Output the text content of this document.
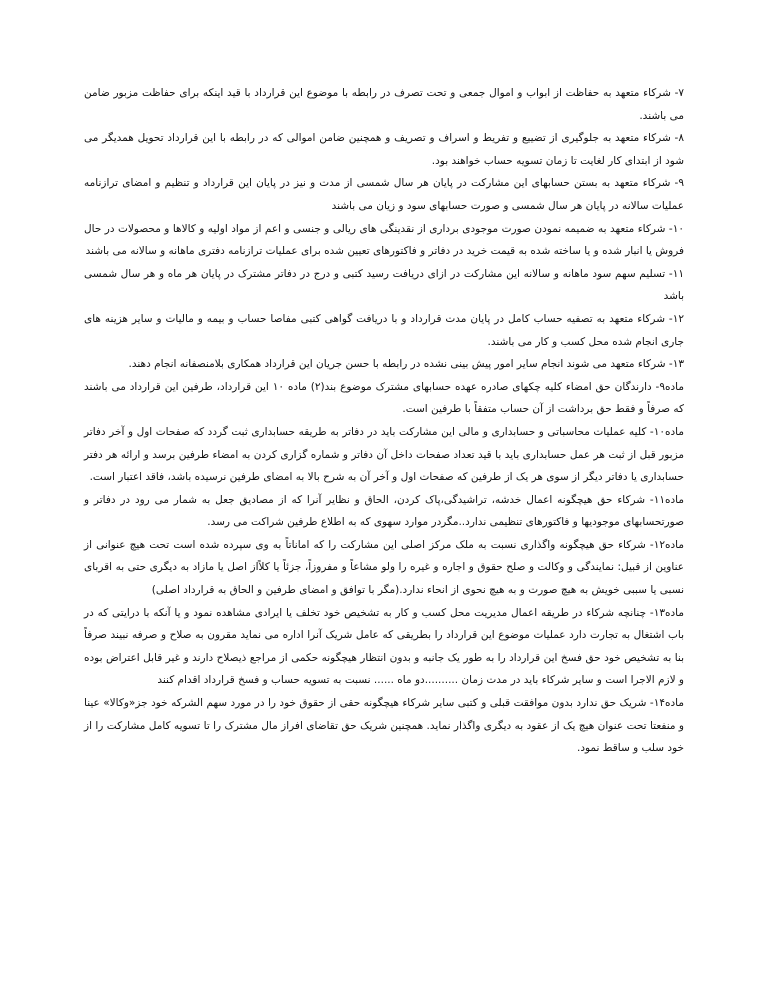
۷- شرکاء متعهد به حفاظت از ابواب و اموال جمعی و تحت تصرف در رابطه با موضوع این قرارداد با قید اینکه برای حفاظت مزبور ضامن می باشند.

۸- شرکاء متعهد به جلوگیری از تضییع و تفریط و اسراف و تصریف و همچنین ضامن اموالی که در رابطه با این قرارداد تحویل همدیگر می شود از ابتدای کار لغایت تا زمان تسویه حساب خواهند بود.

۹- شرکاء متعهد به بستن حسابهای این مشارکت در پایان هر سال شمسی از مدت و نیز در پایان این قرارداد و تنظیم و امضای ترازنامه عملیات سالانه در پایان هر سال شمسی و صورت حسابهای سود و زیان می باشند

۱۰- شرکاء متعهد به ضمیمه نمودن صورت موجودی برداری از نقدینگی های ریالی و جنسی و اعم از مواد اولیه و کالاها و محصولات در حال فروش یا انبار شده و یا ساخته شده به قیمت خرید در دفاتر و فاکتورهای تعیین شده برای عملیات ترازنامه دفتری ماهانه و سالانه می باشند

۱۱- تسلیم سهم سود ماهانه و سالانه این مشارکت در ازای دریافت رسید کتبی و درج در دفاتر مشترک در پایان هر ماه و هر سال شمسی باشد

۱۲- شرکاء متعهد به تصفیه حساب کامل در پایان مدت قرارداد و با دریافت گواهی کتبی مفاصا حساب و بیمه و مالیات و سایر هزینه های جاری انجام شده محل کسب و کار می باشند.

۱۳- شرکاء متعهد می شوند انجام سایر امور پیش بینی نشده در رابطه با حسن جریان این قرارداد همکاری بلامنصفانه انجام دهند.

ماده۹- دارندگان حق امضاء کلیه چکهای صادره عهده حسابهای مشترک موضوع بند(۲) ماده ۱۰ این قرارداد، طرفین این قرارداد می باشند که صرفاً و فقط حق برداشت از آن حساب متفقاً با طرفین است.

ماده۱۰- کلیه عملیات محاسباتی و حسابداری و مالی این مشارکت باید در دفاتر به طریقه حسابداری ثبت گردد که صفحات اول و آخر دفاتر مزبور قبل از ثبت هر عمل حسابداری باید با قید تعداد صفحات داخل آن دفاتر و شماره گزاری کردن به امضاء طرفین برسد و ارائه هر دفتر حسابداری یا دفاتر دیگر از سوی هر یک از طرفین که صفحات اول و آخر آن به شرح بالا به امضای طرفین نرسیده باشد، فاقد اعتبار است.

ماده۱۱- شرکاء حق هیچگونه اعمال خدشه، تراشیدگی،پاک کردن، الحاق و نظایر آنرا که از مصادیق جعل به شمار می رود در دفاتر و صورتحسابهای موجودیها و فاکتورهای تنظیمی ندارد..مگردر موارد سهوی که به اطلاع طرفین شراکت می رسد.

ماده۱۲- شرکاء حق هیچگونه واگذاری نسبت به ملک مرکز اصلی این مشارکت را که اماناتاً به وی سپرده شده است تحت هیچ عنوانی از عناوین از قبیل: نمایندگی و وکالت و صلح حقوق و اجاره و غیره را ولو مشاعاً و مفروزاً، جزئاً یا کلاًاز اصل یا مازاد به دیگری حتی به اقربای نسبی یا سببی خویش به هیچ صورت و به هیچ نحوی از انحاء ندارد.(مگر با توافق و امضای طرفین و الحاق به قرارداد اصلی)

ماده۱۳- چنانچه شرکاء در طریقه اعمال مدیریت محل کسب و کار به تشخیص خود تخلف یا ایرادی مشاهده نمود و یا آنکه با درایتی که در باب اشتغال به تجارت دارد عملیات موضوع این قرارداد را بطریقی که عامل شریک آنرا اداره می نماید مقرون به صلاح و صرفه نبیند صرفاً بنا به تشخیص خود حق فسخ این قرارداد را به طور یک جانبه و بدون انتظار هیچگونه حکمی از مراجع ذیصلاح دارند و غیر قابل اعتراض بوده و لازم الاجرا است و سایر شرکاء باید در مدت زمان ..........دو ماه ...... نسبت به تسویه حساب و فسخ قرارداد اقدام کنند

ماده۱۴- شریک حق ندارد بدون موافقت قبلی و کتبی سایر شرکاء هیچگونه حقی از حقوق خود را در مورد سهم الشرکه خود جز«وکالا» عینا و منفعتا تحت عنوان هیچ یک از عقود به دیگری واگذار نماید. همچنین شریک حق تقاضای افراز مال مشترک را تا تسویه کامل مشارکت را از خود سلب و ساقط نمود.
